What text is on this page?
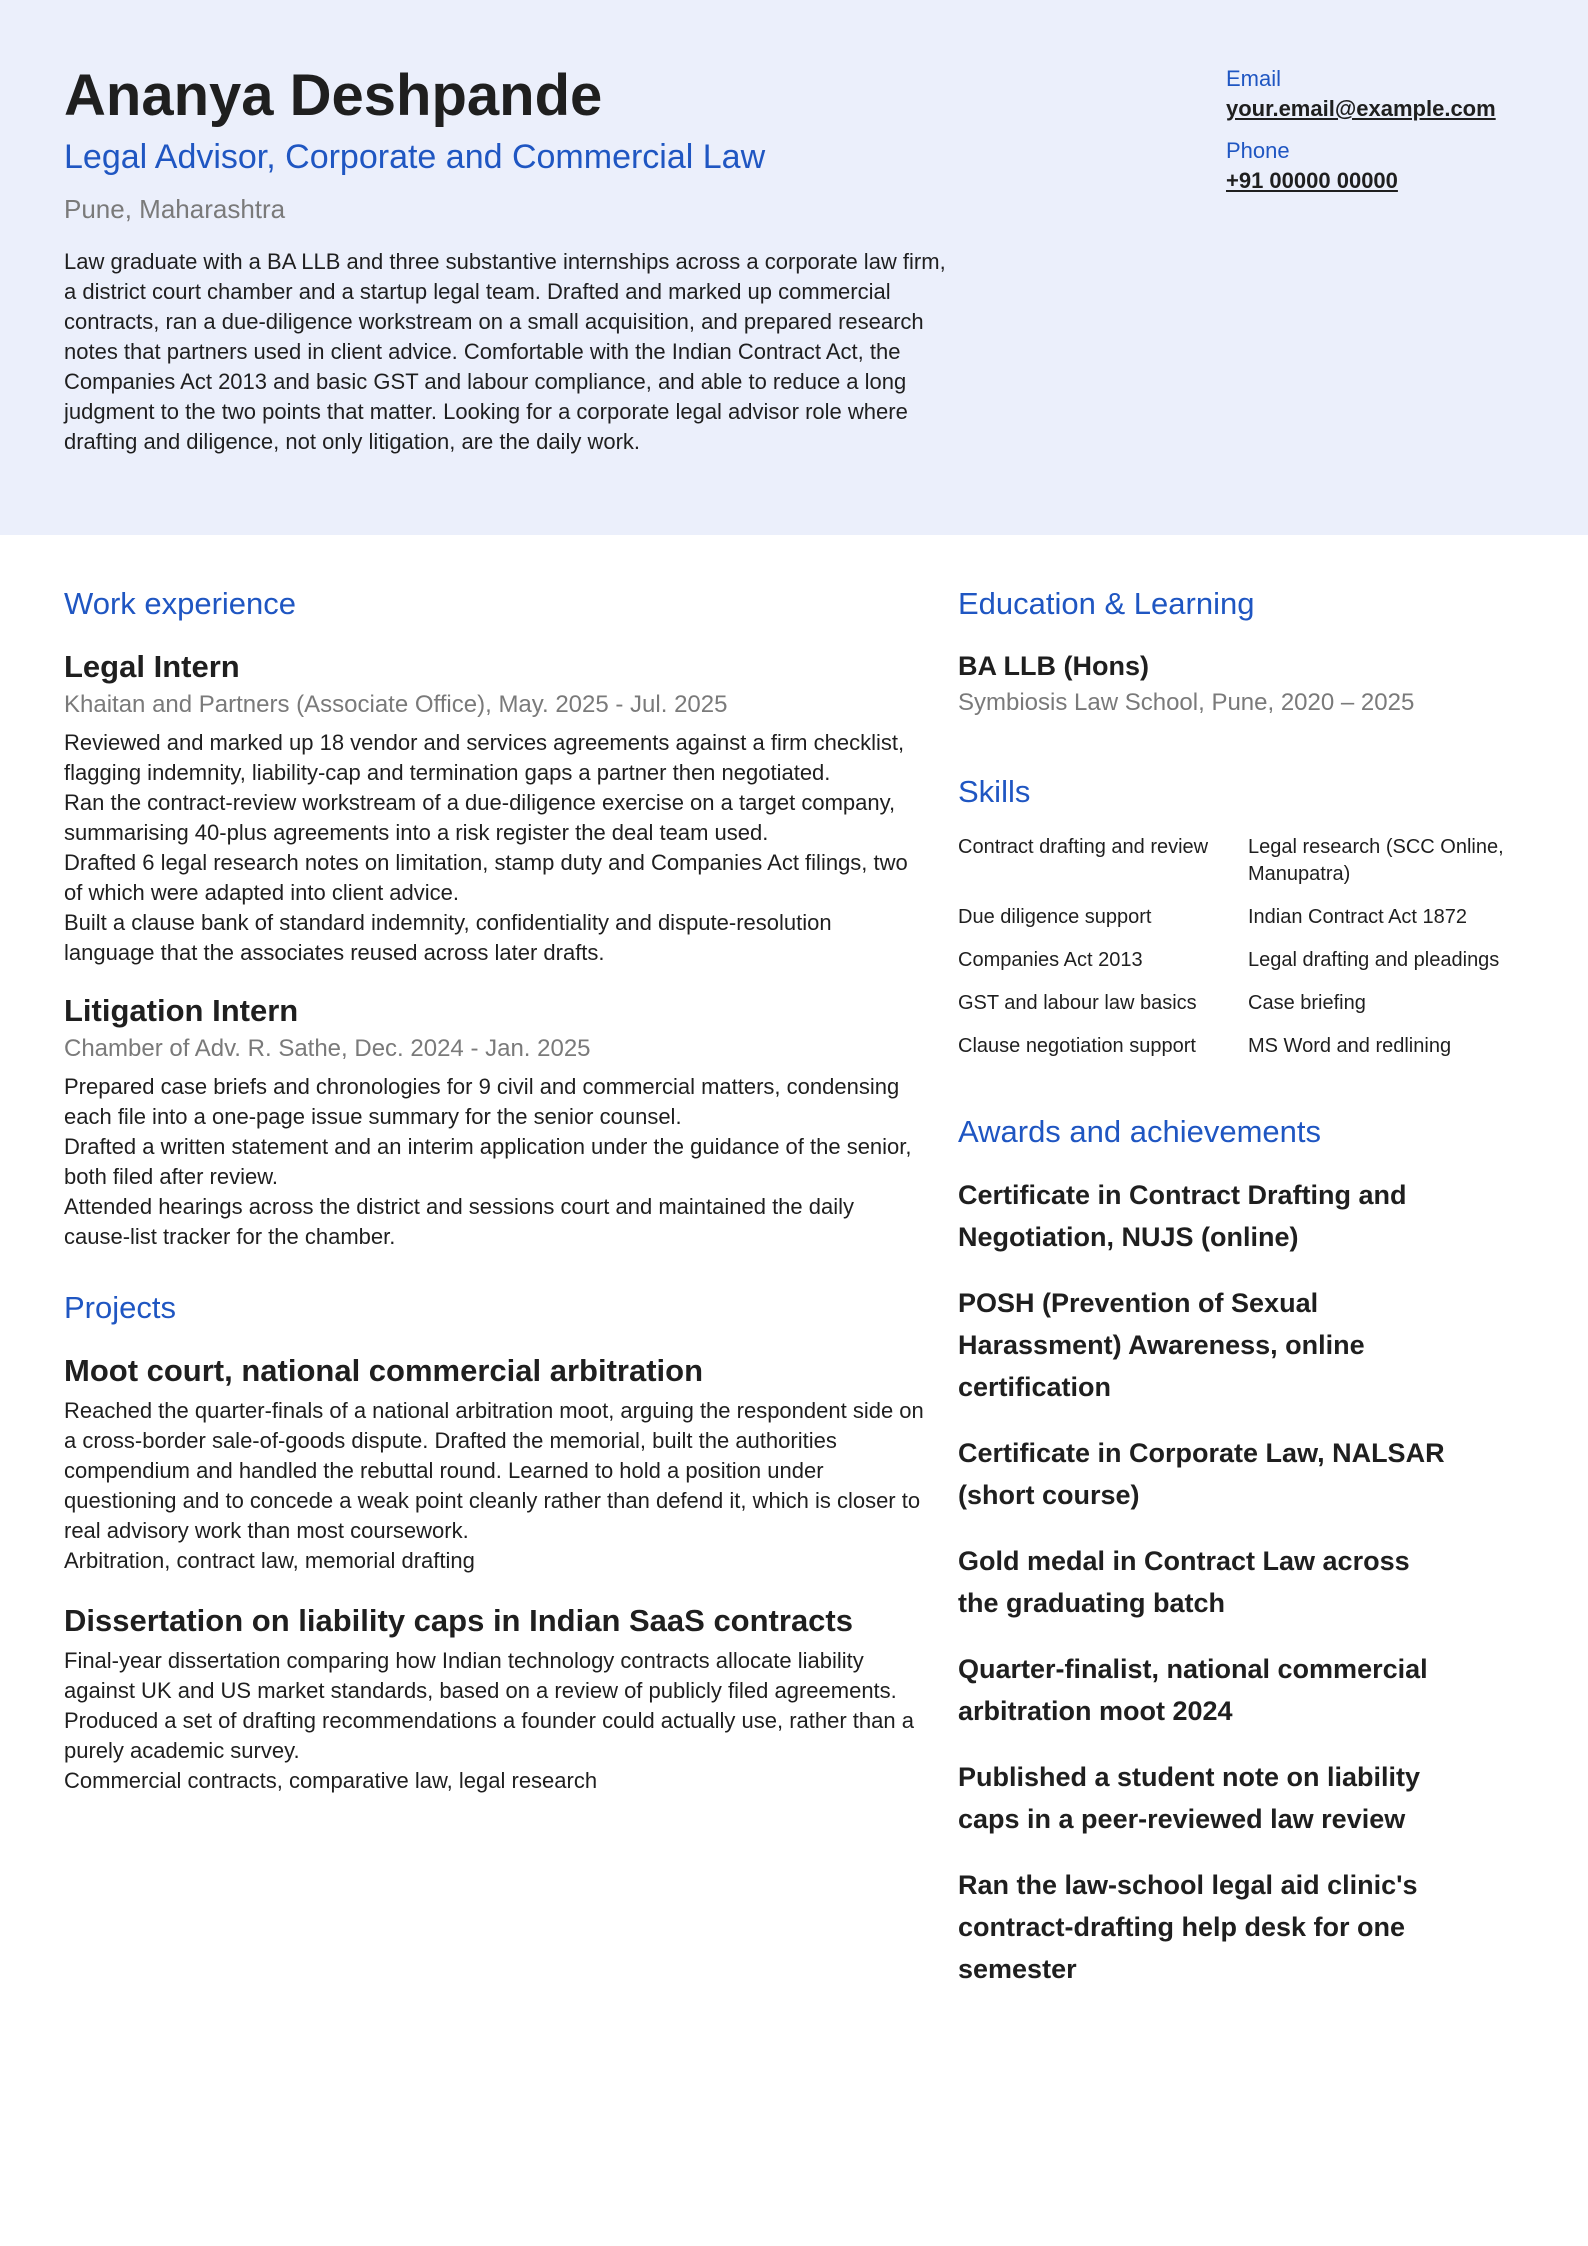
Ananya Deshpande
Legal Advisor, Corporate and Commercial Law
Pune, Maharashtra
Law graduate with a BA LLB and three substantive internships across a corporate law firm, a district court chamber and a startup legal team. Drafted and marked up commercial contracts, ran a due-diligence workstream on a small acquisition, and prepared research notes that partners used in client advice. Comfortable with the Indian Contract Act, the Companies Act 2013 and basic GST and labour compliance, and able to reduce a long judgment to the two points that matter. Looking for a corporate legal advisor role where drafting and diligence, not only litigation, are the daily work.
Email
your.email@example.com
Phone
+91 00000 00000
Work experience
Legal Intern
Khaitan and Partners (Associate Office), May. 2025 - Jul. 2025
Reviewed and marked up 18 vendor and services agreements against a firm checklist, flagging indemnity, liability-cap and termination gaps a partner then negotiated.
Ran the contract-review workstream of a due-diligence exercise on a target company, summarising 40-plus agreements into a risk register the deal team used.
Drafted 6 legal research notes on limitation, stamp duty and Companies Act filings, two of which were adapted into client advice.
Built a clause bank of standard indemnity, confidentiality and dispute-resolution language that the associates reused across later drafts.
Litigation Intern
Chamber of Adv. R. Sathe, Dec. 2024 - Jan. 2025
Prepared case briefs and chronologies for 9 civil and commercial matters, condensing each file into a one-page issue summary for the senior counsel.
Drafted a written statement and an interim application under the guidance of the senior, both filed after review.
Attended hearings across the district and sessions court and maintained the daily cause-list tracker for the chamber.
Projects
Moot court, national commercial arbitration
Reached the quarter-finals of a national arbitration moot, arguing the respondent side on a cross-border sale-of-goods dispute. Drafted the memorial, built the authorities compendium and handled the rebuttal round. Learned to hold a position under questioning and to concede a weak point cleanly rather than defend it, which is closer to real advisory work than most coursework.
Arbitration, contract law, memorial drafting
Dissertation on liability caps in Indian SaaS contracts
Final-year dissertation comparing how Indian technology contracts allocate liability against UK and US market standards, based on a review of publicly filed agreements. Produced a set of drafting recommendations a founder could actually use, rather than a purely academic survey.
Commercial contracts, comparative law, legal research
Education & Learning
BA LLB (Hons)
Symbiosis Law School, Pune, 2020 – 2025
Skills
Contract drafting and review	Legal research (SCC Online, Manupatra)
Due diligence support	Indian Contract Act 1872
Companies Act 2013	Legal drafting and pleadings
GST and labour law basics	Case briefing
Clause negotiation support	MS Word and redlining
Awards and achievements
Certificate in Contract Drafting and Negotiation, NUJS (online)
POSH (Prevention of Sexual Harassment) Awareness, online certification
Certificate in Corporate Law, NALSAR (short course)
Gold medal in Contract Law across the graduating batch
Quarter-finalist, national commercial arbitration moot 2024
Published a student note on liability caps in a peer-reviewed law review
Ran the law-school legal aid clinic's contract-drafting help desk for one semester
